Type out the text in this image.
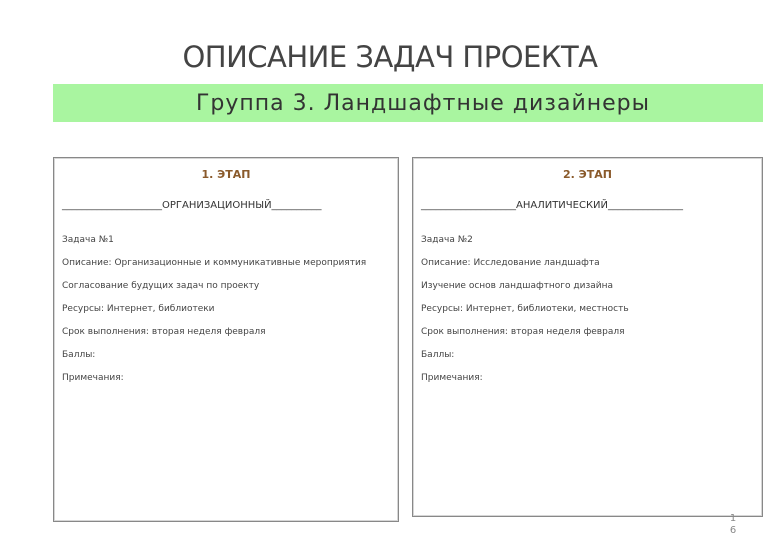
ОПИСАНИЕ ЗАДАЧ ПРОЕКТА
Группа 3. Ландшафтные дизайнеры
1. ЭТАП
____________________ОРГАНИЗАЦИОННЫЙ__________
Задача №1
Описание: Организационные и коммуникативные мероприятия
Согласование будущих задач по проекту
Ресурсы: Интернет, библиотеки
Срок выполнения: вторая неделя февраля
Баллы:
Примечания:
2. ЭТАП
___________________АНАЛИТИЧЕСКИЙ_______________
Задача №2
Описание: Исследование ландшафта
Изучение основ ландшафтного дизайна
Ресурсы: Интернет, библиотеки, местность
Срок выполнения: вторая неделя февраля
Баллы:
Примечания:
1
6
